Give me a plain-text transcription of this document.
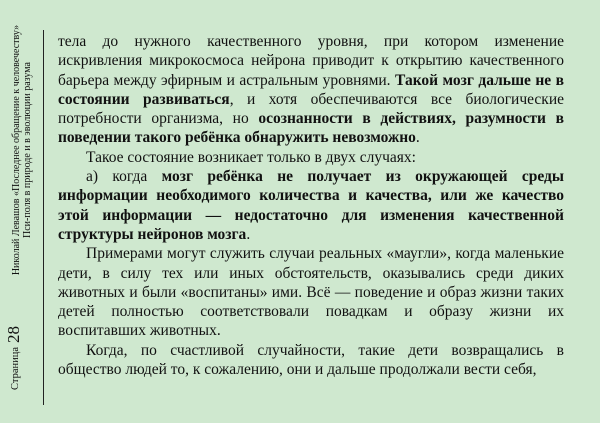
Николай Левашов «Последнее обращение к человечеству» Пси-поля в природе и в эволюции разума
Страница 28

тела до нужного качественного уровня, при котором изменение искривления микрокосмоса нейрона приводит к открытию качественного барьера между эфирным и астральным уровнями. Такой мозг дальше не в состоянии развиваться, и хотя обеспечиваются все биологические потребности организма, но осознанности в действиях, разумности в поведении такого ребёнка обнаружить невозможно.

Такое состояние возникает только в двух случаях:

а) когда мозг ребёнка не получает из окружающей среды информации необходимого количества и качества, или же качество этой информации — недостаточно для изменения качественной структуры нейронов мозга.

Примерами могут служить случаи реальных «маугли», когда маленькие дети, в силу тех или иных обстоятельств, оказывались среди диких животных и были «воспитаны» ими. Всё — поведение и образ жизни таких детей полностью соответствовали повадкам и образу жизни их воспитавших животных.

Когда, по счастливой случайности, такие дети возвращались в общество людей то, к сожалению, они и дальше продолжали вести себя,
